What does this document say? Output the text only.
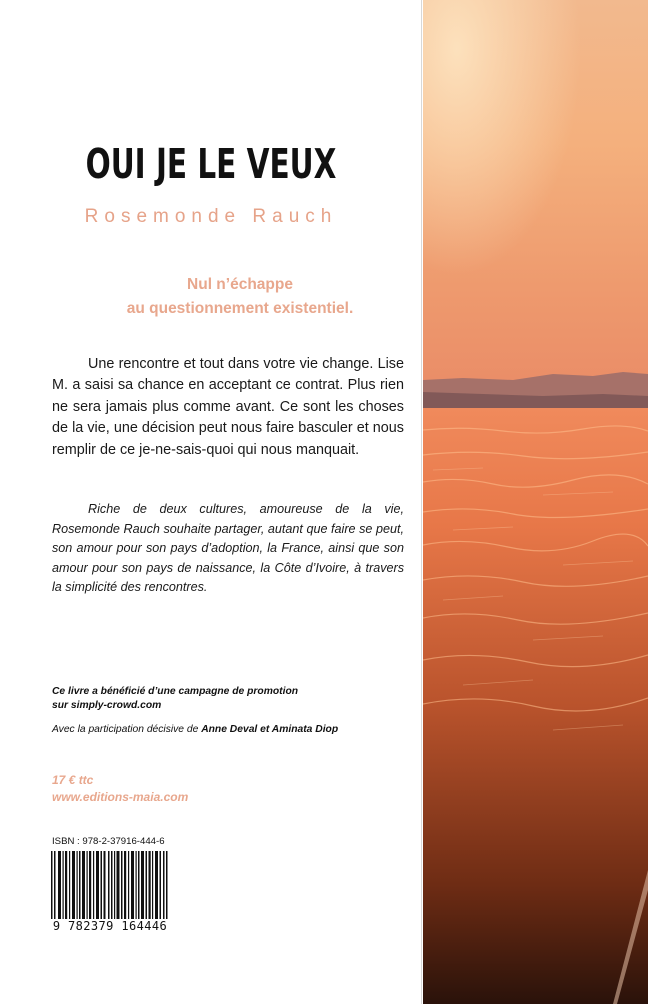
OUI JE LE VEUX
Rosemonde Rauch
Nul n’échappe
au questionnement existentiel.

Une rencontre et tout dans votre vie change. Lise M. a saisi sa chance en acceptant ce contrat. Plus rien ne sera jamais plus comme avant. Ce sont les choses de la vie, une décision peut nous faire basculer et nous remplir de ce je-ne-sais-quoi qui nous manquait.

Riche de deux cultures, amoureuse de la vie, Rosemonde Rauch souhaite partager, autant que faire se peut, son amour pour son pays d’adoption, la France, ainsi que son amour pour son pays de naissance, la Côte d’Ivoire, à travers la simplicité des rencontres.

Ce livre a bénéficié d’une campagne de promotion
sur simply-crowd.com
Avec la participation décisive de Anne Deval et Aminata Diop
17 € ttc
www.editions-maia.com
ISBN : 978-2-37916-444-6
9 782379 164446
